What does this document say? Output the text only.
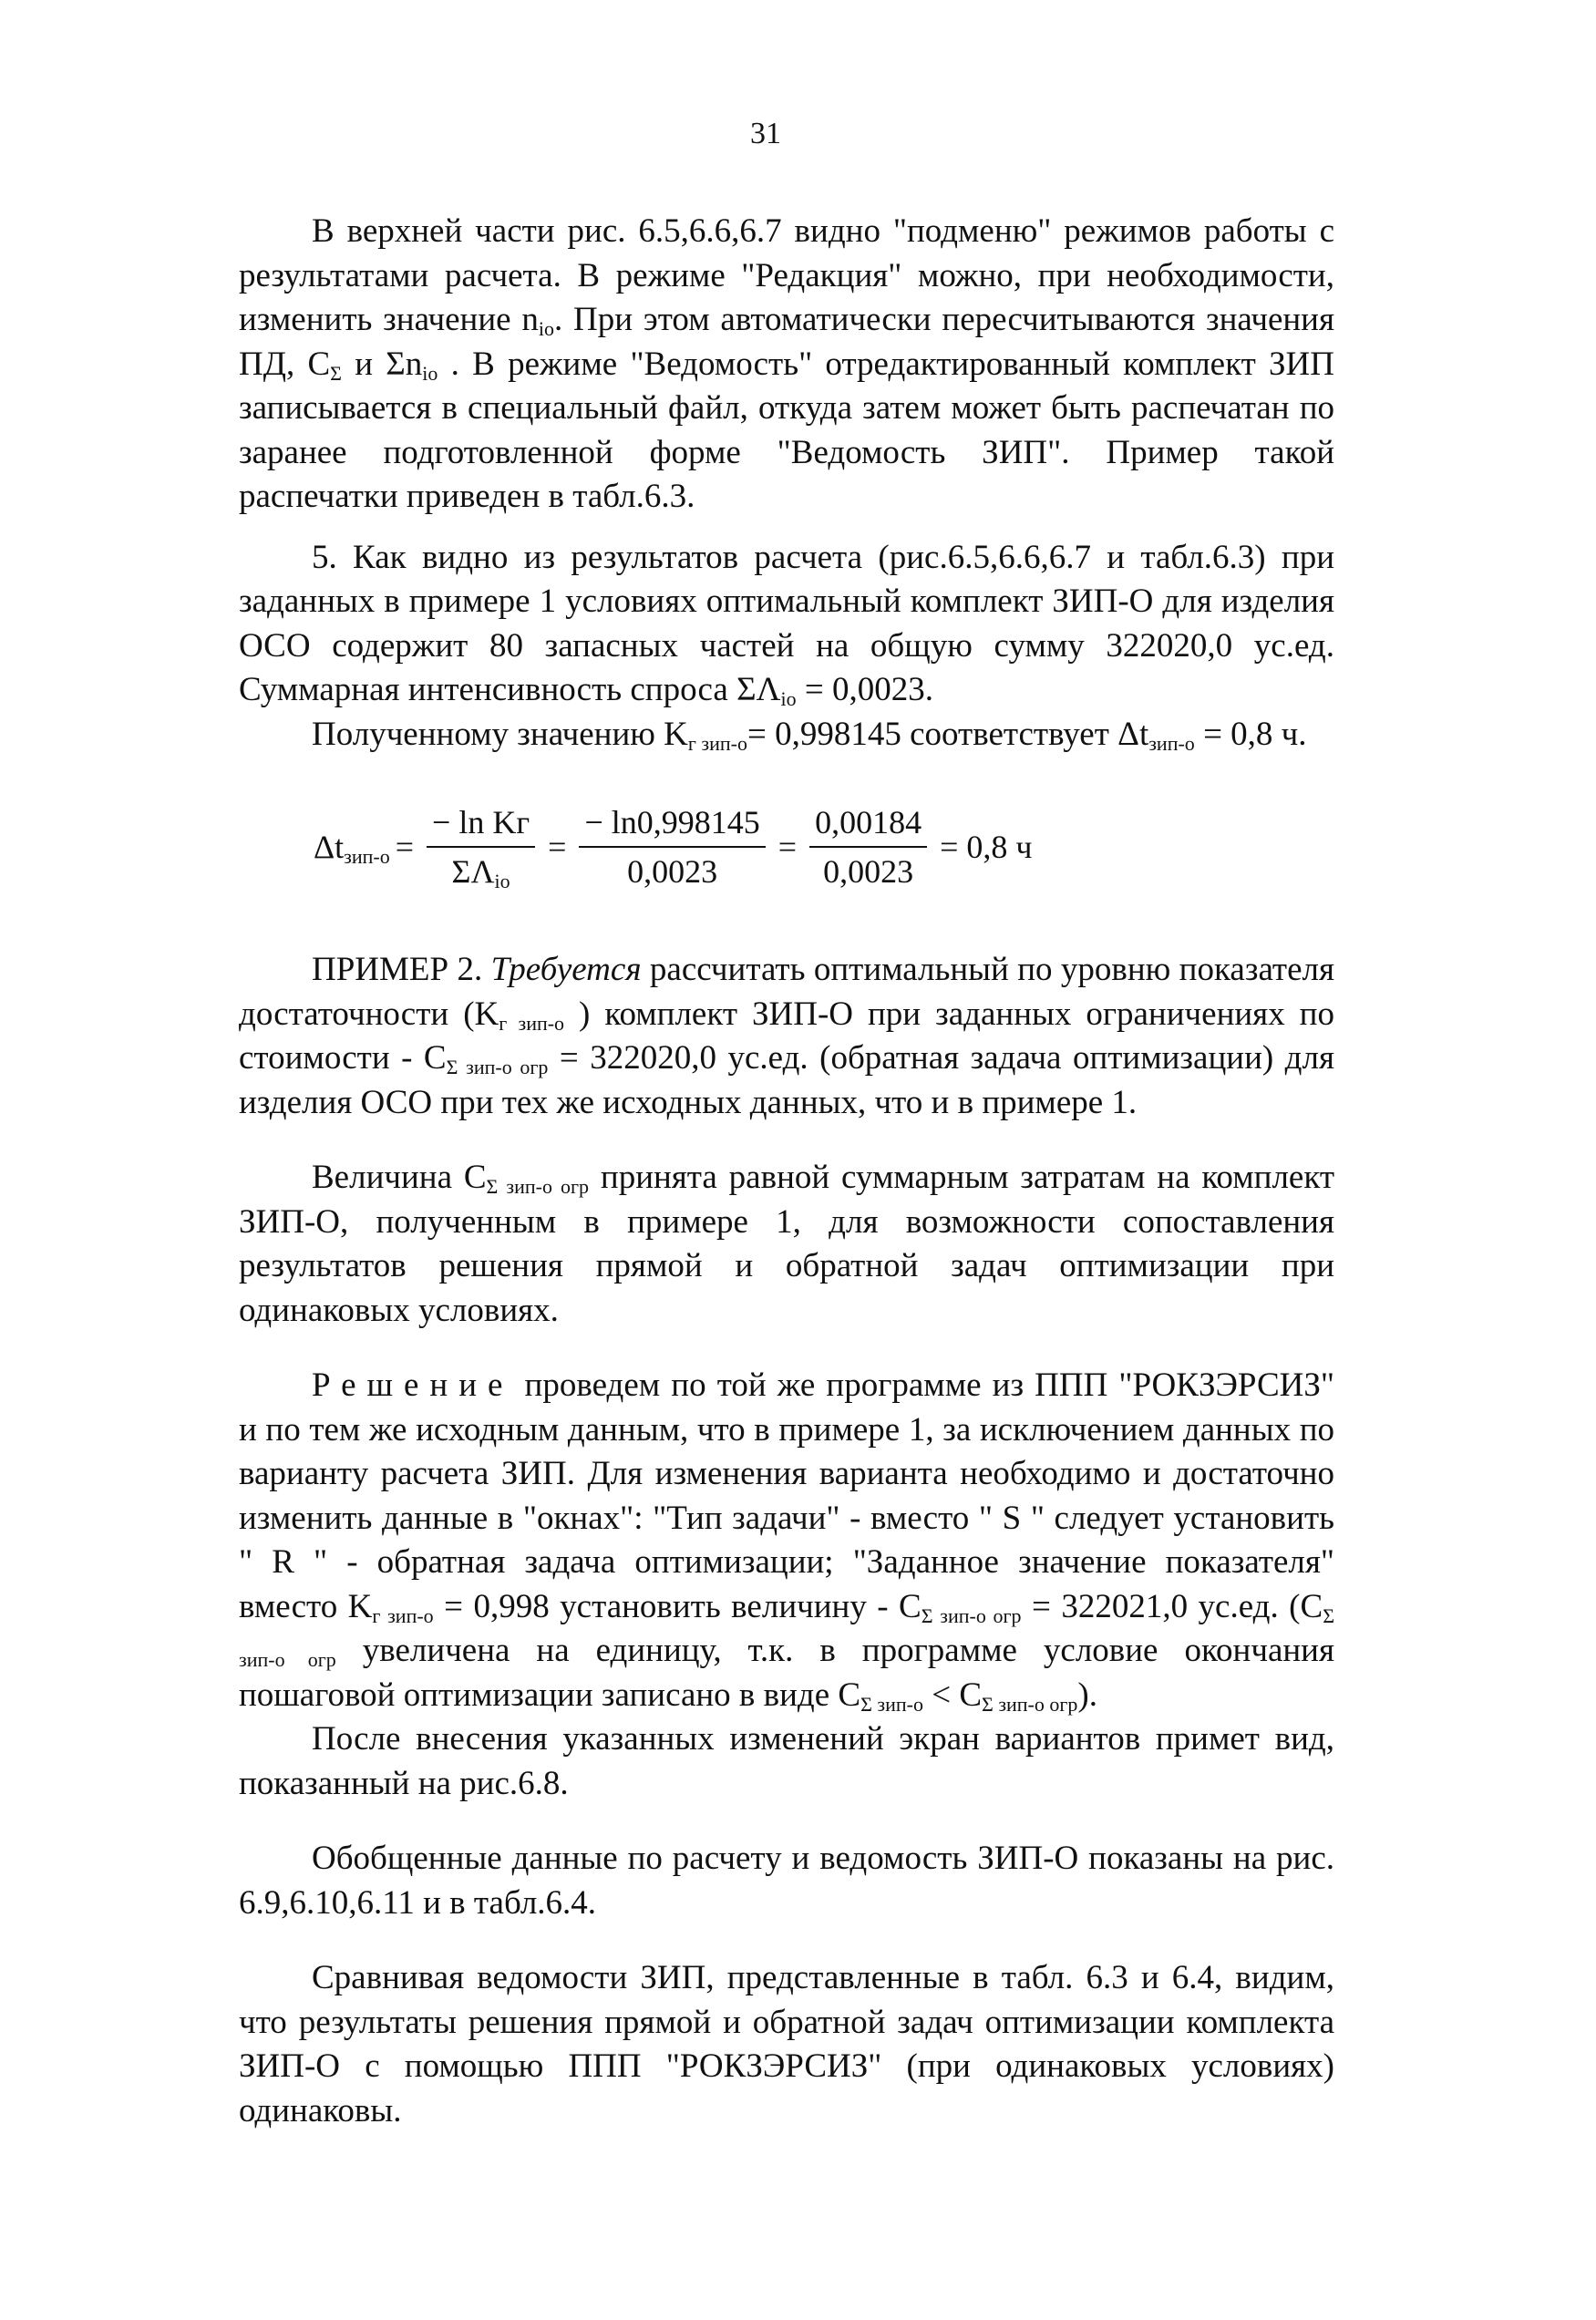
31

В верхней части рис. 6.5,6.6,6.7 видно "подменю" режимов работы с результатами расчета. В режиме "Редакция" можно, при необходимости, изменить значение $n_{io}$. При этом автоматически пересчитываются значения ПД, $C_\Sigma$ и $\Sigma n_{io}$ . В режиме "Ведомость" отредактированный комплект ЗИП записывается в специальный файл, откуда затем может быть распечатан по заранее подготовленной форме "Ведомость ЗИП". Пример такой распечатки приведен в табл.6.3.

5. Как видно из результатов расчета (рис.6.5,6.6,6.7 и табл.6.3) при заданных в примере 1 условиях оптимальный комплект ЗИП-О для изделия ОСО содержит 80 запасных частей на общую сумму 322020,0 ус.ед. Суммарная интенсивность спроса $\Sigma\Lambda_{io} = 0,0023$.

Полученному значению $K_{г зип-о}= 0,998145$ соответствует $\Delta t_{зип-о} = 0,8$ ч.

$\Delta t_{зип-о} = \frac{\text{− ln Kг}}{\Sigma\Lambda_{io}} = \frac{- \ln 0,998145}{0,0023} = \frac{0,00184}{0,0023} = 0,8$ ч

ПРИМЕР 2. Требуется рассчитать оптимальный по уровню показателя достаточности ($K_{г зип-о}$ ) комплект ЗИП-О при заданных ограничениях по стоимости - $C_{\Sigma зип-о огр} = 322020,0$ ус.ед. (обратная задача оптимизации) для изделия ОСО при тех же исходных данных, что и в примере 1.

Величина $C_{\Sigma зип-о огр}$ принята равной суммарным затратам на комплект ЗИП-О, полученным в примере 1, для возможности сопоставления результатов решения прямой и обратной задач оптимизации при одинаковых условиях.

Решение проведем по той же программе из ППП "РОКЗЭРСИЗ" и по тем же исходным данным, что в примере 1, за исключением данных по варианту расчета ЗИП. Для изменения варианта необходимо и достаточно изменить данные в "окнах": "Тип задачи" - вместо " S " следует установить " R " - обратная задача оптимизации; "Заданное значение показателя" вместо $K_{г зип-о} = 0,998$ установить величину - $C_{\Sigma зип-о огр} = 322021,0$ ус.ед. ($C_{\Sigma зип-о огр}$ увеличена на единицу, т.к. в программе условие окончания пошаговой оптимизации записано в виде $C_{\Sigma зип-о} < C_{\Sigma зип-о огр}$).

После внесения указанных изменений экран вариантов примет вид, показанный на рис.6.8.

Обобщенные данные по расчету и ведомость ЗИП-О показаны на рис. 6.9,6.10,6.11 и в табл.6.4.

Сравнивая ведомости ЗИП, представленные в табл. 6.3 и 6.4, видим, что результаты решения прямой и обратной задач оптимизации комплекта ЗИП-О с помощью ППП "РОКЗЭРСИЗ" (при одинаковых условиях) одинаковы.
